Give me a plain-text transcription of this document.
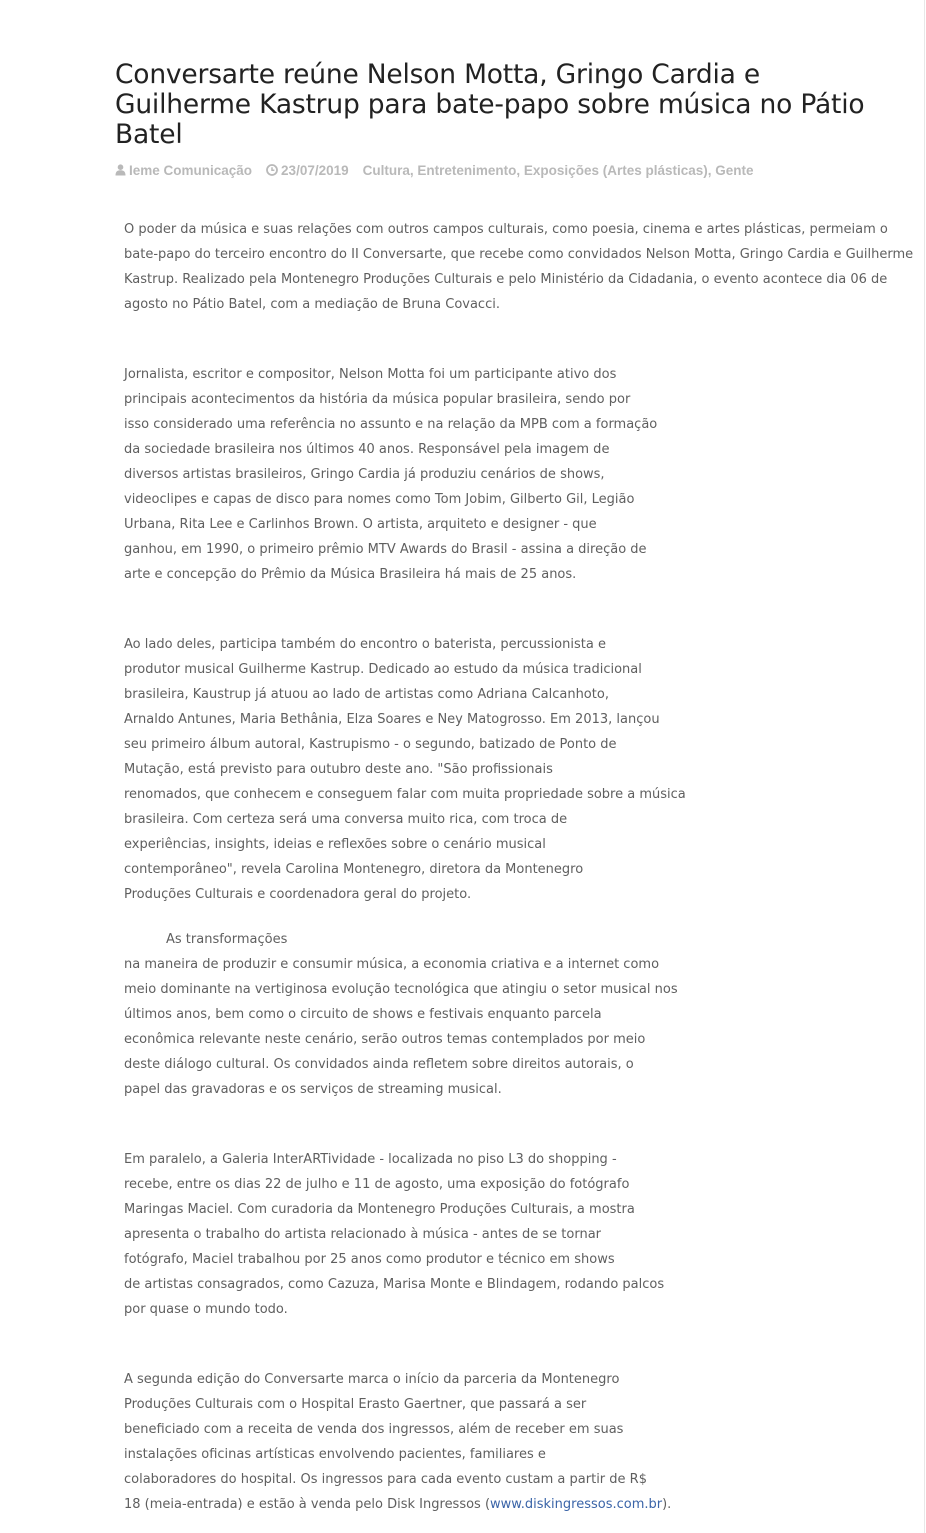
Conversarte reúne Nelson Motta, Gringo Cardia e Guilherme Kastrup para bate-papo sobre música no Pátio Batel
Ieme Comunicação 23/07/2019 Cultura, Entretenimento, Exposições (Artes plásticas), Gente

O poder da música e suas relações com outros campos culturais, como poesia, cinema e artes plásticas, permeiam o
bate-papo do terceiro encontro do II Conversarte, que recebe como convidados Nelson Motta, Gringo Cardia e Guilherme
Kastrup. Realizado pela Montenegro Produções Culturais e pelo Ministério da Cidadania, o evento acontece dia 06 de
agosto no Pátio Batel, com a mediação de Bruna Covacci.

Jornalista, escritor e compositor, Nelson Motta foi um participante ativo dos
principais acontecimentos da história da música popular brasileira, sendo por
isso considerado uma referência no assunto e na relação da MPB com a formação
da sociedade brasileira nos últimos 40 anos. Responsável pela imagem de
diversos artistas brasileiros, Gringo Cardia já produziu cenários de shows,
videoclipes e capas de disco para nomes como Tom Jobim, Gilberto Gil, Legião
Urbana, Rita Lee e Carlinhos Brown. O artista, arquiteto e designer - que
ganhou, em 1990, o primeiro prêmio MTV Awards do Brasil - assina a direção de
arte e concepção do Prêmio da Música Brasileira há mais de 25 anos.

Ao lado deles, participa também do encontro o baterista, percussionista e
produtor musical Guilherme Kastrup. Dedicado ao estudo da música tradicional
brasileira, Kaustrup já atuou ao lado de artistas como Adriana Calcanhoto,
Arnaldo Antunes, Maria Bethânia, Elza Soares e Ney Matogrosso. Em 2013, lançou
seu primeiro álbum autoral, Kastrupismo - o segundo, batizado de Ponto de
Mutação, está previsto para outubro deste ano. "São profissionais
renomados, que conhecem e conseguem falar com muita propriedade sobre a música
brasileira. Com certeza será uma conversa muito rica, com troca de
experiências, insights, ideias e reflexões sobre o cenário musical
contemporâneo", revela Carolina Montenegro, diretora da Montenegro
Produções Culturais e coordenadora geral do projeto.

As transformações
na maneira de produzir e consumir música, a economia criativa e a internet como
meio dominante na vertiginosa evolução tecnológica que atingiu o setor musical nos
últimos anos, bem como o circuito de shows e festivais enquanto parcela
econômica relevante neste cenário, serão outros temas contemplados por meio
deste diálogo cultural. Os convidados ainda refletem sobre direitos autorais, o
papel das gravadoras e os serviços de streaming musical.

Em paralelo, a Galeria InterARTividade - localizada no piso L3 do shopping -
recebe, entre os dias 22 de julho e 11 de agosto, uma exposição do fotógrafo
Maringas Maciel. Com curadoria da Montenegro Produções Culturais, a mostra
apresenta o trabalho do artista relacionado à música - antes de se tornar
fotógrafo, Maciel trabalhou por 25 anos como produtor e técnico em shows
de artistas consagrados, como Cazuza, Marisa Monte e Blindagem, rodando palcos
por quase o mundo todo.

A segunda edição do Conversarte marca o início da parceria da Montenegro
Produções Culturais com o Hospital Erasto Gaertner, que passará a ser
beneficiado com a receita de venda dos ingressos, além de receber em suas
instalações oficinas artísticas envolvendo pacientes, familiares e
colaboradores do hospital. Os ingressos para cada evento custam a partir de R$
18 (meia-entrada) e estão à venda pelo Disk Ingressos (www.diskingressos.com.br).
